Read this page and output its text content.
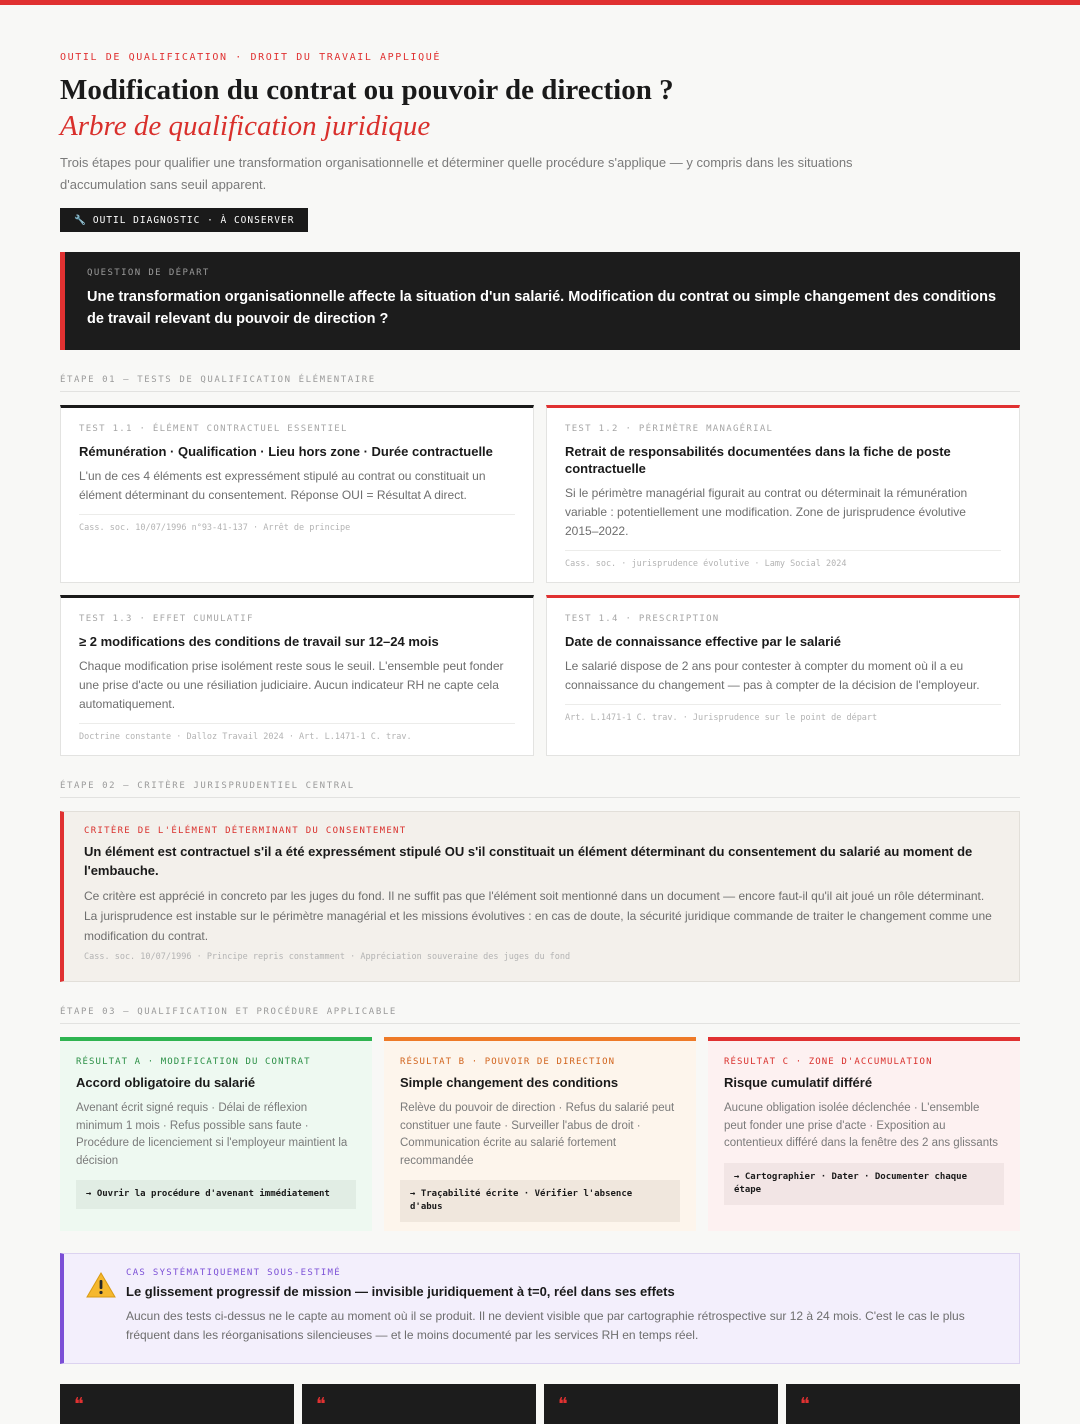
OUTIL DE QUALIFICATION · DROIT DU TRAVAIL APPLIQUÉ
Modification du contrat ou pouvoir de direction ?
Arbre de qualification juridique

Trois étapes pour qualifier une transformation organisationnelle et déterminer quelle procédure s'applique — y compris dans les situations d'accumulation sans seuil apparent.

🔧 OUTIL DIAGNOSTIC · À CONSERVER
QUESTION DE DÉPART
Une transformation organisationnelle affecte la situation d'un salarié. Modification du contrat ou simple changement des conditions de travail relevant du pouvoir de direction ?
ÉTAPE 01 — TESTS DE QUALIFICATION ÉLÉMENTAIRE
TEST 1.1 · ÉLÉMENT CONTRACTUEL ESSENTIEL
Rémunération · Qualification · Lieu hors zone · Durée contractuelle
L'un de ces 4 éléments est expressément stipulé au contrat ou constituait un élément déterminant du consentement. Réponse OUI = Résultat A direct.
Cass. soc. 10/07/1996 n°93-41-137 · Arrêt de principe
TEST 1.2 · PÉRIMÈTRE MANAGÉRIAL
Retrait de responsabilités documentées dans la fiche de poste contractuelle
Si le périmètre managérial figurait au contrat ou déterminait la rémunération variable : potentiellement une modification. Zone de jurisprudence évolutive 2015–2022.
Cass. soc. · jurisprudence évolutive · Lamy Social 2024
TEST 1.3 · EFFET CUMULATIF
≥ 2 modifications des conditions de travail sur 12–24 mois
Chaque modification prise isolément reste sous le seuil. L'ensemble peut fonder une prise d'acte ou une résiliation judiciaire. Aucun indicateur RH ne capte cela automatiquement.
Doctrine constante · Dalloz Travail 2024 · Art. L.1471-1 C. trav.
TEST 1.4 · PRESCRIPTION
Date de connaissance effective par le salarié
Le salarié dispose de 2 ans pour contester à compter du moment où il a eu connaissance du changement — pas à compter de la décision de l'employeur.
Art. L.1471-1 C. trav. · Jurisprudence sur le point de départ
ÉTAPE 02 — CRITÈRE JURISPRUDENTIEL CENTRAL
CRITÈRE DE L'ÉLÉMENT DÉTERMINANT DU CONSENTEMENT
Un élément est contractuel s'il a été expressément stipulé OU s'il constituait un élément déterminant du consentement du salarié au moment de l'embauche.
Ce critère est apprécié in concreto par les juges du fond. Il ne suffit pas que l'élément soit mentionné dans un document — encore faut-il qu'il ait joué un rôle déterminant. La jurisprudence est instable sur le périmètre managérial et les missions évolutives : en cas de doute, la sécurité juridique commande de traiter le changement comme une modification du contrat.
Cass. soc. 10/07/1996 · Principe repris constamment · Appréciation souveraine des juges du fond
ÉTAPE 03 — QUALIFICATION ET PROCÉDURE APPLICABLE
RÉSULTAT A · MODIFICATION DU CONTRAT
Accord obligatoire du salarié
Avenant écrit signé requis · Délai de réflexion minimum 1 mois · Refus possible sans faute · Procédure de licenciement si l'employeur maintient la décision
→ Ouvrir la procédure d'avenant immédiatement
RÉSULTAT B · POUVOIR DE DIRECTION
Simple changement des conditions
Relève du pouvoir de direction · Refus du salarié peut constituer une faute · Surveiller l'abus de droit · Communication écrite au salarié fortement recommandée
→ Traçabilité écrite · Vérifier l'absence d'abus
RÉSULTAT C · ZONE D'ACCUMULATION
Risque cumulatif différé
Aucune obligation isolée déclenchée · L'ensemble peut fonder une prise d'acte · Exposition au contentieux différé dans la fenêtre des 2 ans glissants
→ Cartographier · Dater · Documenter chaque étape
CAS SYSTÉMATIQUEMENT SOUS-ESTIMÉ
Le glissement progressif de mission — invisible juridiquement à t=0, réel dans ses effets
Aucun des tests ci-dessus ne le capte au moment où il se produit. Il ne devient visible que par cartographie rétrospective sur 12 à 24 mois. C'est le cas le plus fréquent dans les réorganisations silencieuses — et le moins documenté par les services RH en temps réel.
❝	❝	❝	❝
